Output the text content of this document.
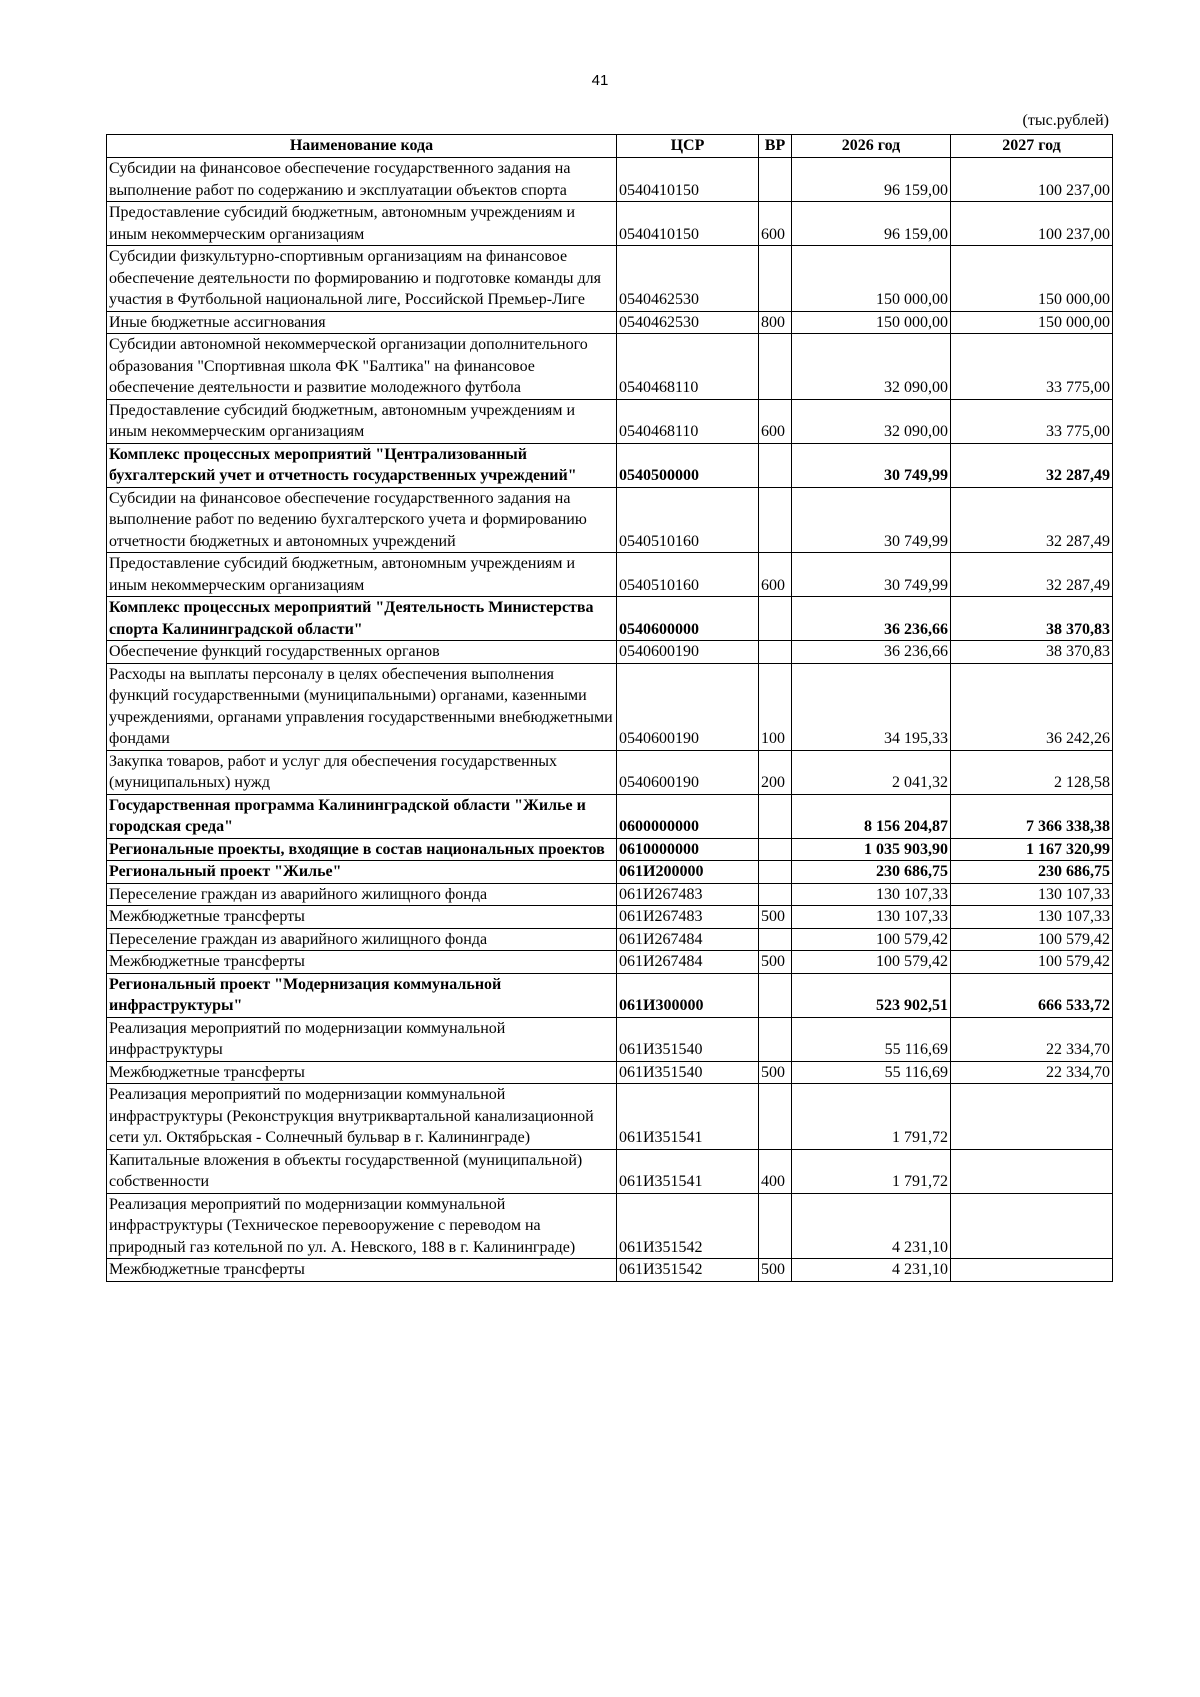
41
(тыс.рублей)
Наименование кода	ЦСР	ВР	2026 год	2027 год
Субсидии на финансовое обеспечение государственного задания на выполнение работ по содержанию и эксплуатации объектов спорта	0540410150		96 159,00	100 237,00
Предоставление субсидий бюджетным, автономным учреждениям и иным некоммерческим организациям	0540410150	600	96 159,00	100 237,00
Субсидии физкультурно-спортивным организациям на финансовое обеспечение деятельности по формированию и подготовке команды для участия в Футбольной национальной лиге, Российской Премьер-Лиге	0540462530		150 000,00	150 000,00
Иные бюджетные ассигнования	0540462530	800	150 000,00	150 000,00
Субсидии автономной некоммерческой организации дополнительного образования "Спортивная школа ФК "Балтика" на финансовое обеспечение деятельности и развитие молодежного футбола	0540468110		32 090,00	33 775,00
Предоставление субсидий бюджетным, автономным учреждениям и иным некоммерческим организациям	0540468110	600	32 090,00	33 775,00
Комплекс процессных мероприятий "Централизованный бухгалтерский учет и отчетность государственных учреждений"	0540500000		30 749,99	32 287,49
Субсидии на финансовое обеспечение государственного задания на выполнение работ по ведению бухгалтерского учета и формированию отчетности бюджетных и автономных учреждений	0540510160		30 749,99	32 287,49
Предоставление субсидий бюджетным, автономным учреждениям и иным некоммерческим организациям	0540510160	600	30 749,99	32 287,49
Комплекс процессных мероприятий "Деятельность Министерства спорта Калининградской области"	0540600000		36 236,66	38 370,83
Обеспечение функций государственных органов	0540600190		36 236,66	38 370,83
Расходы на выплаты персоналу в целях обеспечения выполнения функций государственными (муниципальными) органами, казенными учреждениями, органами управления государственными внебюджетными фондами	0540600190	100	34 195,33	36 242,26
Закупка товаров, работ и услуг для обеспечения государственных (муниципальных) нужд	0540600190	200	2 041,32	2 128,58
Государственная программа Калининградской области "Жилье и городская среда"	0600000000		8 156 204,87	7 366 338,38
Региональные проекты, входящие в состав национальных проектов	0610000000		1 035 903,90	1 167 320,99
Региональный проект "Жилье"	061И200000		230 686,75	230 686,75
Переселение граждан из аварийного жилищного фонда	061И267483		130 107,33	130 107,33
Межбюджетные трансферты	061И267483	500	130 107,33	130 107,33
Переселение граждан из аварийного жилищного фонда	061И267484		100 579,42	100 579,42
Межбюджетные трансферты	061И267484	500	100 579,42	100 579,42
Региональный проект "Модернизация коммунальной инфраструктуры"	061И300000		523 902,51	666 533,72
Реализация мероприятий по модернизации коммунальной инфраструктуры	061И351540		55 116,69	22 334,70
Межбюджетные трансферты	061И351540	500	55 116,69	22 334,70
Реализация мероприятий по модернизации коммунальной инфраструктуры (Реконструкция внутриквартальной канализационной сети ул. Октябрьская - Солнечный бульвар в г. Калининграде)	061И351541		1 791,72	
Капитальные вложения в объекты государственной (муниципальной) собственности	061И351541	400	1 791,72	
Реализация мероприятий по модернизации коммунальной инфраструктуры (Техническое перевооружение с переводом на природный газ котельной по ул. А. Невского, 188 в г. Калининграде)	061И351542		4 231,10	
Межбюджетные трансферты	061И351542	500	4 231,10	
